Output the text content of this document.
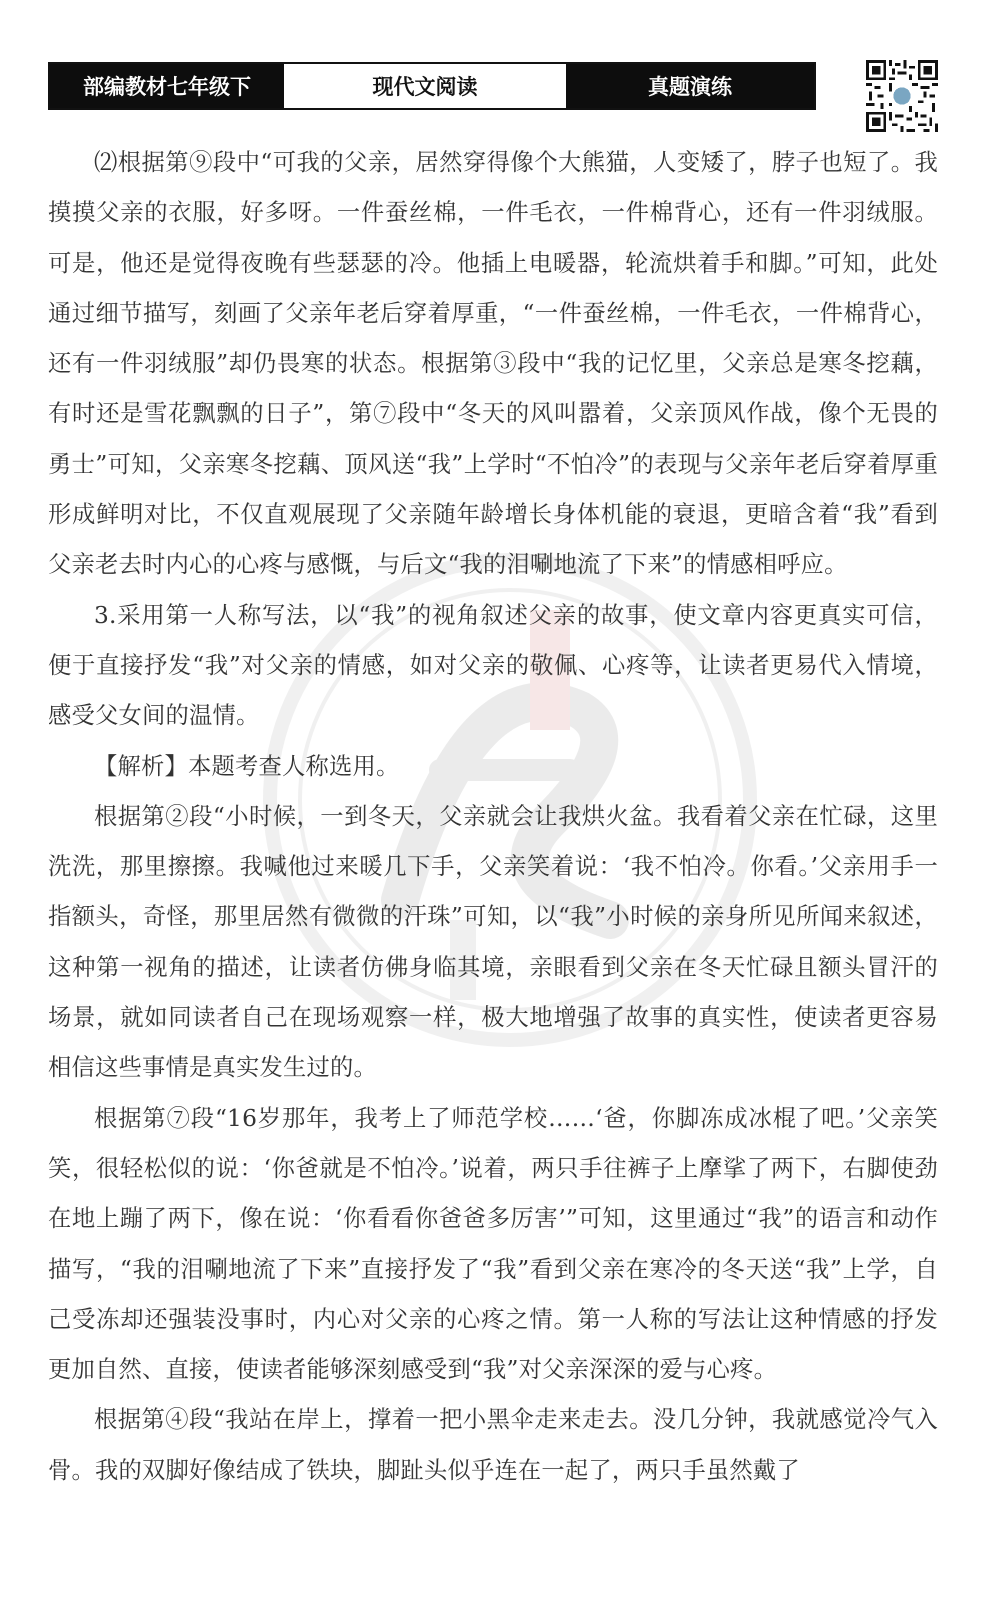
部编教材七年级下	现代文阅读	真题演练

⑵根据第⑨段中“可我的父亲，居然穿得像个大熊猫，人变矮了，脖子也短了。我摸摸父亲的衣服，好多呀。一件蚕丝棉，一件毛衣，一件棉背心，还有一件羽绒服。可是，他还是觉得夜晚有些瑟瑟的冷。他插上电暖器，轮流烘着手和脚。”可知，此处通过细节描写，刻画了父亲年老后穿着厚重，“一件蚕丝棉，一件毛衣，一件棉背心，还有一件羽绒服”却仍畏寒的状态。根据第③段中“我的记忆里，父亲总是寒冬挖藕，有时还是雪花飘飘的日子”，第⑦段中“冬天的风叫嚣着，父亲顶风作战，像个无畏的勇士”可知，父亲寒冬挖藕、顶风送“我”上学时“不怕冷”的表现与父亲年老后穿着厚重形成鲜明对比，不仅直观展现了父亲随年龄增长身体机能的衰退，更暗含着“我”看到父亲老去时内心的心疼与感慨，与后文“我的泪唰地流了下来”的情感相呼应。

3.采用第一人称写法，以“我”的视角叙述父亲的故事，使文章内容更真实可信，便于直接抒发“我”对父亲的情感，如对父亲的敬佩、心疼等，让读者更易代入情境，感受父女间的温情。

【解析】本题考查人称选用。

根据第②段“小时候，一到冬天，父亲就会让我烘火盆。我看着父亲在忙碌，这里洗洗，那里擦擦。我喊他过来暖几下手，父亲笑着说：‘我不怕冷。你看。’父亲用手一指额头，奇怪，那里居然有微微的汗珠”可知，以“我”小时候的亲身所见所闻来叙述，这种第一视角的描述，让读者仿佛身临其境，亲眼看到父亲在冬天忙碌且额头冒汗的场景，就如同读者自己在现场观察一样，极大地增强了故事的真实性，使读者更容易相信这些事情是真实发生过的。

根据第⑦段“16岁那年，我考上了师范学校……‘爸，你脚冻成冰棍了吧。’父亲笑笑，很轻松似的说：‘你爸就是不怕冷。’说着，两只手往裤子上摩挲了两下，右脚使劲在地上蹦了两下，像在说：‘你看看你爸爸多厉害’”可知，这里通过“我”的语言和动作描写，“我的泪唰地流了下来”直接抒发了“我”看到父亲在寒冷的冬天送“我”上学，自己受冻却还强装没事时，内心对父亲的心疼之情。第一人称的写法让这种情感的抒发更加自然、直接，使读者能够深刻感受到“我”对父亲深深的爱与心疼。

根据第④段“我站在岸上，撑着一把小黑伞走来走去。没几分钟，我就感觉冷气入骨。我的双脚好像结成了铁块，脚趾头似乎连在一起了，两只手虽然戴了
